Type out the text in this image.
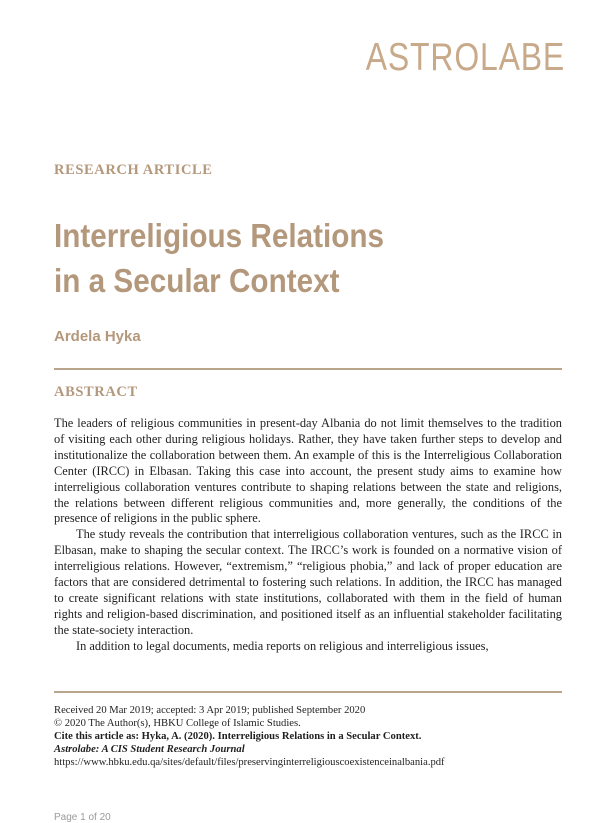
ASTROLABE
RESEARCH ARTICLE
Interreligious Relations
in a Secular Context
Ardela Hyka
ABSTRACT

The leaders of religious communities in present-day Albania do not limit themselves to the tradition of visiting each other during religious holidays. Rather, they have taken further steps to develop and institutionalize the collaboration between them. An example of this is the Interreligious Collaboration Center (IRCC) in Elbasan. Taking this case into account, the present study aims to examine how interreligious collaboration ventures contribute to shaping relations between the state and religions, the relations between different religious communities and, more generally, the conditions of the presence of religions in the public sphere.

The study reveals the contribution that interreligious collaboration ventures, such as the IRCC in Elbasan, make to shaping the secular context. The IRCC’s work is founded on a normative vision of interreligious relations. However, “extremism,” “religious phobia,” and lack of proper education are factors that are considered detrimental to fostering such relations. In addition, the IRCC has managed to create significant relations with state institutions, collaborated with them in the field of human rights and religion-based discrimination, and positioned itself as an influential stakeholder facilitating the state-society interaction.

In addition to legal documents, media reports on religious and interreligious issues,

Received 20 Mar 2019; accepted: 3 Apr 2019; published September 2020
© 2020 The Author(s), HBKU College of Islamic Studies.
Cite this article as: Hyka, A. (2020). Interreligious Relations in a Secular Context.
Astrolabe: A CIS Student Research Journal
https://www.hbku.edu.qa/sites/default/files/preservinginterreligiouscoexistenceinalbania.pdf
Page 1 of 20
